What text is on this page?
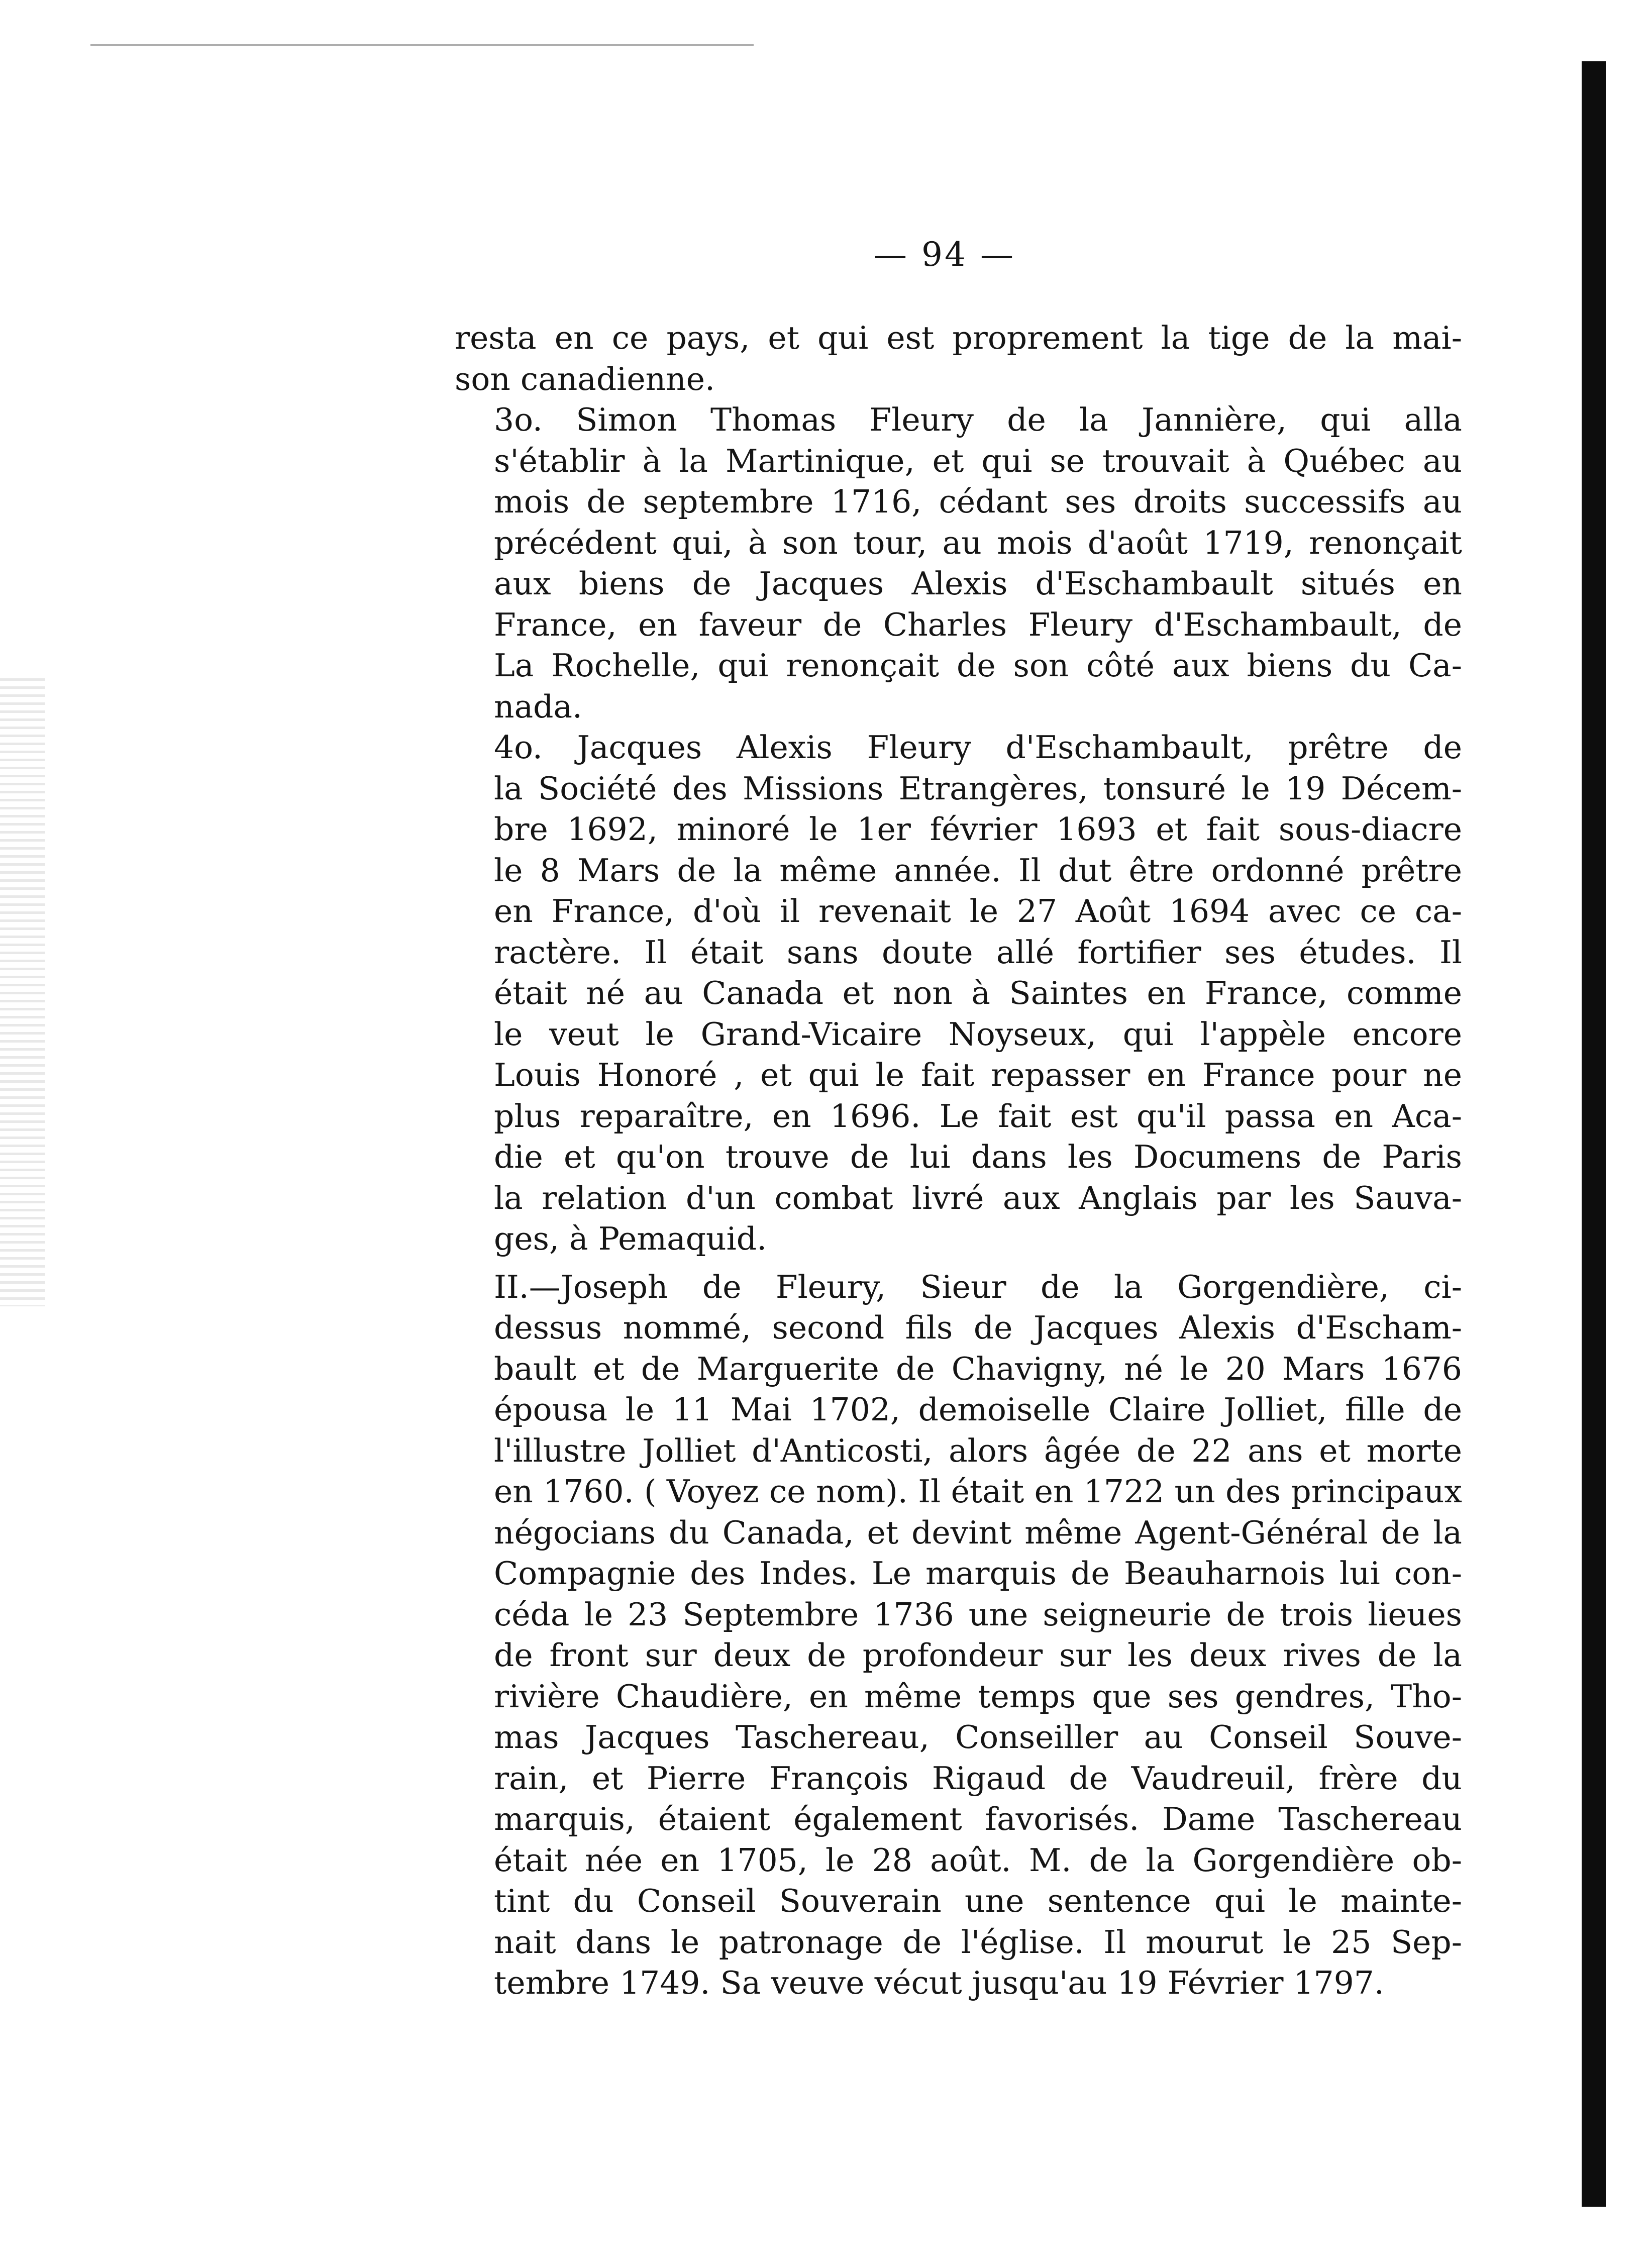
— 94 —

resta en ce pays, et qui est proprement la tige de la mai-
son canadienne.

3o. Simon Thomas Fleury de la Jannière, qui alla
s'établir à la Martinique, et qui se trouvait à Québec au
mois de septembre 1716, cédant ses droits successifs au
précédent qui, à son tour, au mois d'août 1719, renonçait
aux biens de Jacques Alexis d'Eschambault situés en
France, en faveur de Charles Fleury d'Eschambault, de
La Rochelle, qui renonçait de son côté aux biens du Ca-
nada.

4o. Jacques Alexis Fleury d'Eschambault, prêtre de
la Société des Missions Etrangères, tonsuré le 19 Décem-
bre 1692, minoré le 1er février 1693 et fait sous-diacre
le 8 Mars de la même année. Il dut être ordonné prêtre
en France, d'où il revenait le 27 Août 1694 avec ce ca-
ractère. Il était sans doute allé fortifier ses études. Il
était né au Canada et non à Saintes en France, comme
le veut le Grand-Vicaire Noyseux, qui l'appèle encore
Louis Honoré , et qui le fait repasser en France pour ne
plus reparaître, en 1696. Le fait est qu'il passa en Aca-
die et qu'on trouve de lui dans les Documens de Paris
la relation d'un combat livré aux Anglais par les Sauva-
ges, à Pemaquid.

II.—Joseph de Fleury, Sieur de la Gorgendière, ci-
dessus nommé, second fils de Jacques Alexis d'Escham-
bault et de Marguerite de Chavigny, né le 20 Mars 1676
épousa le 11 Mai 1702, demoiselle Claire Jolliet, fille de
l'illustre Jolliet d'Anticosti, alors âgée de 22 ans et morte
en 1760. ( Voyez ce nom). Il était en 1722 un des principaux
négocians du Canada, et devint même Agent-Général de la
Compagnie des Indes. Le marquis de Beauharnois lui con-
céda le 23 Septembre 1736 une seigneurie de trois lieues
de front sur deux de profondeur sur les deux rives de la
rivière Chaudière, en même temps que ses gendres, Tho-
mas Jacques Taschereau, Conseiller au Conseil Souve-
rain, et Pierre François Rigaud de Vaudreuil, frère du
marquis, étaient également favorisés. Dame Taschereau
était née en 1705, le 28 août. M. de la Gorgendière ob-
tint du Conseil Souverain une sentence qui le mainte-
nait dans le patronage de l'église. Il mourut le 25 Sep-
tembre 1749. Sa veuve vécut jusqu'au 19 Février 1797.
